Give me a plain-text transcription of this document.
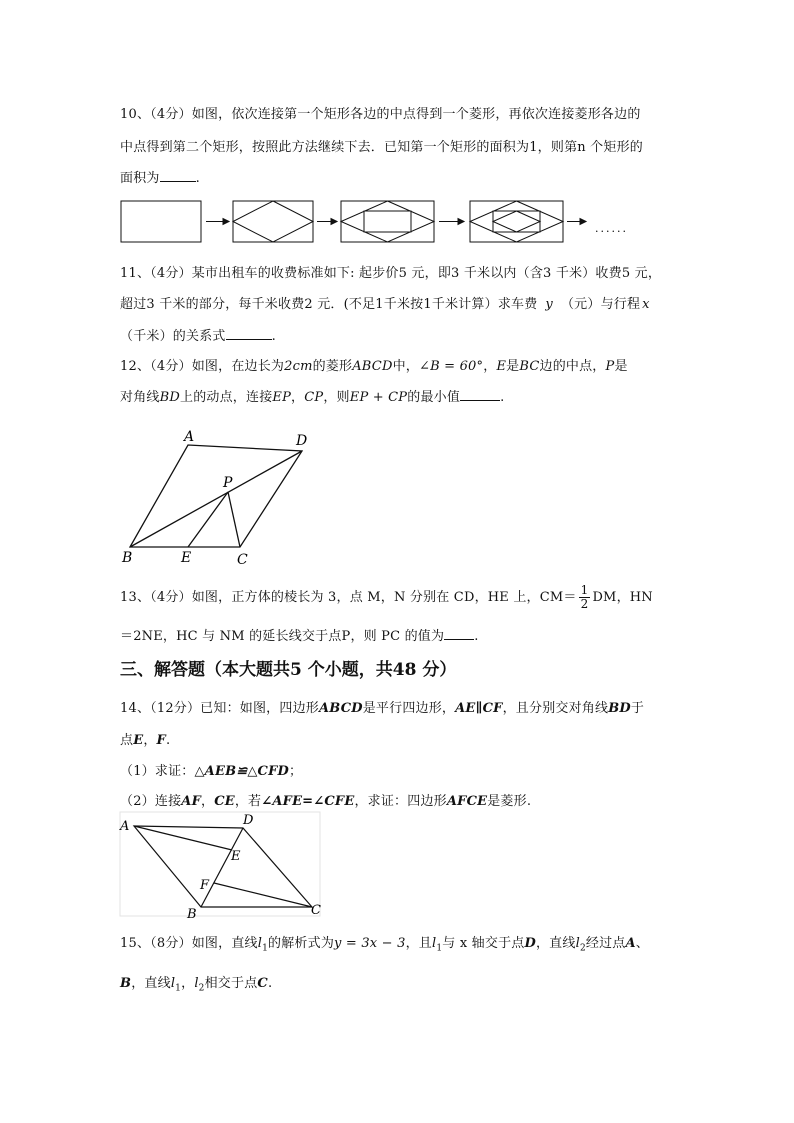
10、（4分）如图，依次连接第一个矩形各边的中点得到一个菱形，再依次连接菱形各边的
中点得到第二个矩形，按照此方法继续下去．已知第一个矩形的面积为1，则第n 个矩形的
面积为	.
......
11、（4分）某市出租车的收费标准如下: 起步价5 元，即3 千米以内（含3 千米）收费5 元，
超过3 千米的部分，每千米收费2 元．(不足1千米按1千米计算）求车费 y （元）与行程 x
（千米）的关系式	.
12、（4分）如图，在边长为2cm的菱形ABCD中，∠B = 60°，E是BC边的中点，P是
对角线BD上的动点，连接EP，CP，则EP + CP的最小值	.
A	D
P
B	E	C
13、（4分）如图，正方体的棱长为 3，点 M，N 分别在 CD，HE 上，$CM= \frac{1}{2}$ DM，HN
＝2NE，HC 与 NM 的延长线交于点P，则 PC 的值为 .
三、解答题（本大题共5 个小题，共48 分）
14、（12分）已知：如图，四边形ABCD是平行四边形，AE∥CF，且分别交对角线BD于
点E，F.
（1）求证：△AEB≌△CFD；
（2）连接AF，CE，若∠AFE=∠CFE，求证：四边形AFCE是菱形.
A	D
E
F
B	C
15、（8分）如图，直线$l_1$的解析式为y = 3x − 3，且$l_1$与 x 轴交于点D，直线$l_2$经过点A、
B，直线$l_1$，$l_2$相交于点C.
